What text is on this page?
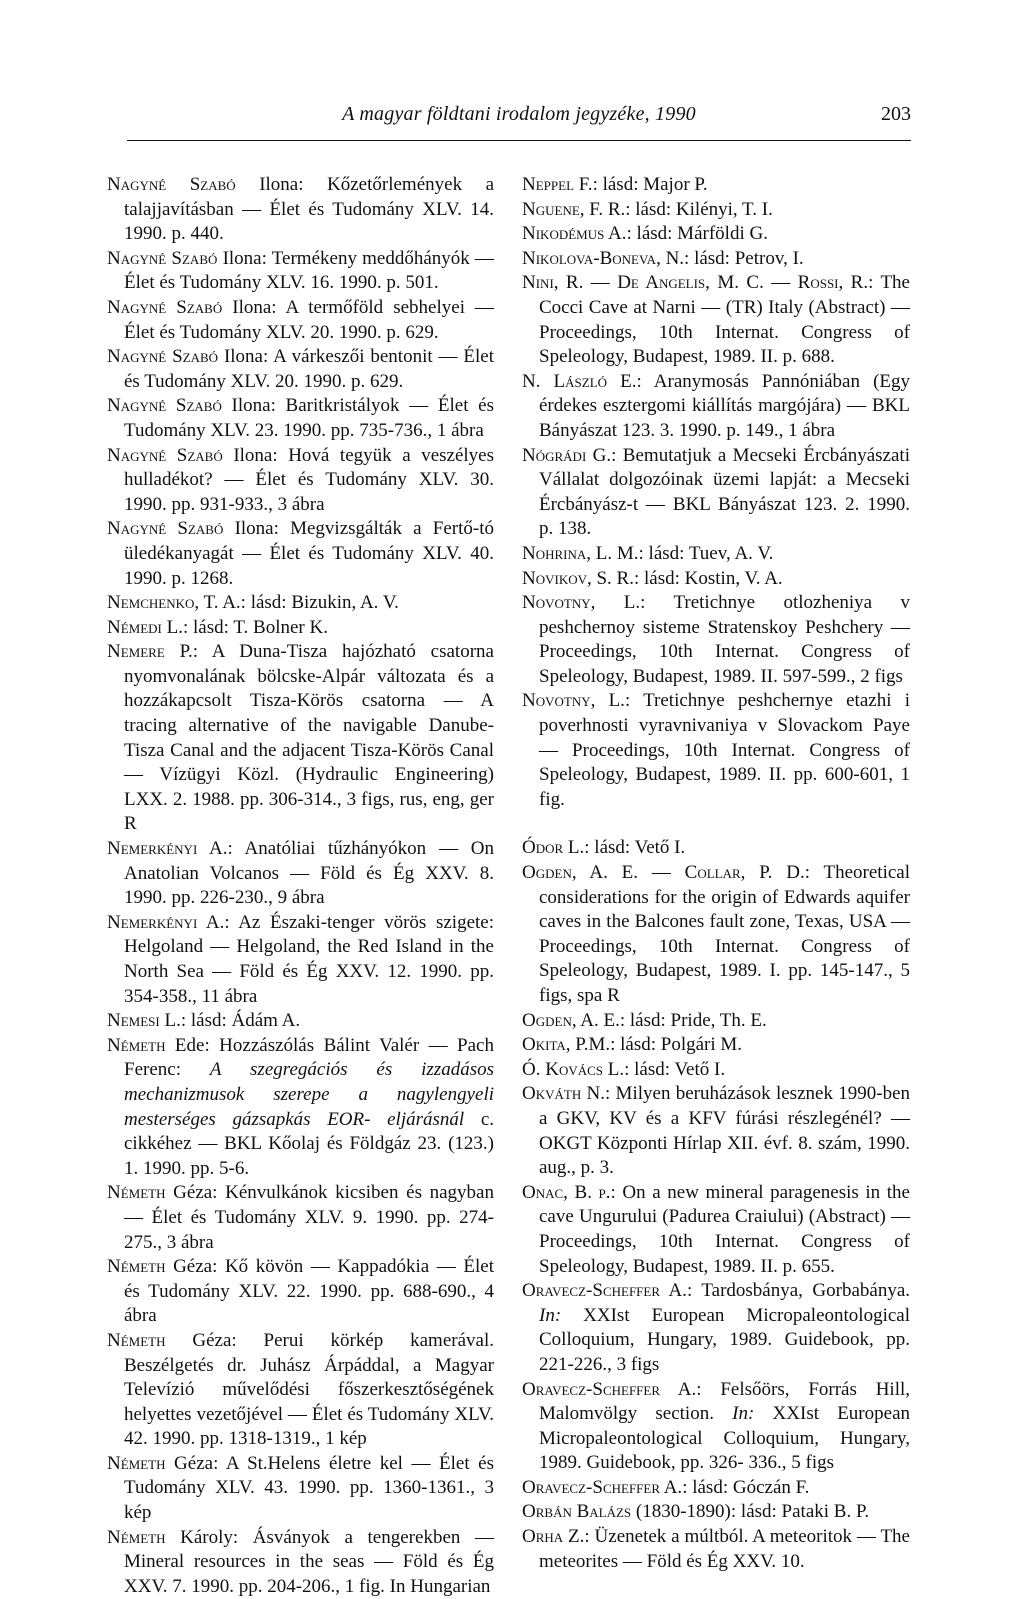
A magyar földtani irodalom jegyzéke, 1990	203

Nagyné Szabó Ilona: Kőzetőrlemények a talajjavításban — Élet és Tudomány XLV. 14. 1990. p. 440.

Nagyné Szabó Ilona: Termékeny meddőhányók — Élet és Tudomány XLV. 16. 1990. p. 501.

Nagyné Szabó Ilona: A termőföld sebhelyei — Élet és Tudomány XLV. 20. 1990. p. 629.

Nagyné Szabó Ilona: A várkeszői bentonit — Élet és Tudomány XLV. 20. 1990. p. 629.

Nagyné Szabó Ilona: Baritkristályok — Élet és Tudomány XLV. 23. 1990. pp. 735-736., 1 ábra

Nagyné Szabó Ilona: Hová tegyük a veszélyes hulladékot? — Élet és Tudomány XLV. 30. 1990. pp. 931-933., 3 ábra

Nagyné Szabó Ilona: Megvizsgálták a Fertő-tó üledékanyagát — Élet és Tudomány XLV. 40. 1990. p. 1268.

Nemchenko, T. A.: lásd: Bizukin, A. V.

Némedi L.: lásd: T. Bolner K.

Nemere P.: A Duna-Tisza hajózható csatorna nyomvonalának bölcske-Alpár változata és a hozzákapcsolt Tisza-Körös csatorna — A tracing alternative of the navigable Danube-Tisza Canal and the adjacent Tisza-Körös Canal — Vízügyi Közl. (Hydraulic Engineering) LXX. 2. 1988. pp. 306-314., 3 figs, rus, eng, ger R

Nemerkényi A.: Anatóliai tűzhányókon — On Anatolian Volcanos — Föld és Ég XXV. 8. 1990. pp. 226-230., 9 ábra

Nemerkényi A.: Az Északi-tenger vörös szigete: Helgoland — Helgoland, the Red Island in the North Sea — Föld és Ég XXV. 12. 1990. pp. 354-358., 11 ábra

Nemesi L.: lásd: Ádám A.

Németh Ede: Hozzászólás Bálint Valér — Pach Ferenc: A szegregációs és izzadásos mechanizmusok szerepe a nagylengyeli mesterséges gázsapkás EOR- eljárásnál c. cikkéhez — BKL Kőolaj és Földgáz 23. (123.) 1. 1990. pp. 5-6.

Németh Géza: Kénvulkánok kicsiben és nagyban — Élet és Tudomány XLV. 9. 1990. pp. 274-275., 3 ábra

Németh Géza: Kő kövön — Kappadókia — Élet és Tudomány XLV. 22. 1990. pp. 688-690., 4 ábra

Németh Géza: Perui körkép kamerával. Beszélgetés dr. Juhász Árpáddal, a Magyar Televízió művelődési főszerkesztőségének helyettes vezetőjével — Élet és Tudomány XLV. 42. 1990. pp. 1318-1319., 1 kép

Németh Géza: A St.Helens életre kel — Élet és Tudomány XLV. 43. 1990. pp. 1360-1361., 3 kép

Németh Károly: Ásványok a tengerekben — Mineral resources in the seas — Föld és Ég XXV. 7. 1990. pp. 204-206., 1 fig. In Hungarian

Neppel F.: lásd: Major P.

Nguene, F. R.: lásd: Kilényi, T. I.

Nikodémus A.: lásd: Márföldi G.

Nikolova-Boneva, N.: lásd: Petrov, I.

Nini, R. — De Angelis, M. C. — Rossi, R.: The Cocci Cave at Narni — (TR) Italy (Abstract) — Proceedings, 10th Internat. Congress of Speleology, Budapest, 1989. II. p. 688.

N. László E.: Aranymosás Pannóniában (Egy érdekes esztergomi kiállítás margójára) — BKL Bányászat 123. 3. 1990. p. 149., 1 ábra

Nógrádi G.: Bemutatjuk a Mecseki Ércbányászati Vállalat dolgozóinak üzemi lapját: a Mecseki Ércbányász-t — BKL Bányászat 123. 2. 1990. p. 138.

Nohrina, L. M.: lásd: Tuev, A. V.

Novikov, S. R.: lásd: Kostin, V. A.

Novotny, L.: Tretichnye otlozheniya v peshchernoy sisteme Stratenskoy Peshchery — Proceedings, 10th Internat. Congress of Speleology, Budapest, 1989. II. 597-599., 2 figs

Novotny, L.: Tretichnye peshchernye etazhi i poverhnosti vyravnivaniya v Slovackom Paye — Proceedings, 10th Internat. Congress of Speleology, Budapest, 1989. II. pp. 600-601, 1 fig.

Ódor L.: lásd: Vető I.

Ogden, A. E. — Collar, P. D.: Theoretical considerations for the origin of Edwards aquifer caves in the Balcones fault zone, Texas, USA — Proceedings, 10th Internat. Congress of Speleology, Budapest, 1989. I. pp. 145-147., 5 figs, spa R

Ogden, A. E.: lásd: Pride, Th. E.

Okita, P.M.: lásd: Polgári M.

Ó. Kovács L.: lásd: Vető I.

Okváth N.: Milyen beruházások lesznek 1990-ben a GKV, KV és a KFV fúrási részlegénél? — OKGT Központi Hírlap XII. évf. 8. szám, 1990. aug., p. 3.

Onac, B. p.: On a new mineral paragenesis in the cave Ungurului (Padurea Craiului) (Abstract) — Proceedings, 10th Internat. Congress of Speleology, Budapest, 1989. II. p. 655.

Oravecz-Scheffer A.: Tardosbánya, Gorbabánya. In: XXIst European Micropaleontological Colloquium, Hungary, 1989. Guidebook, pp. 221-226., 3 figs

Oravecz-Scheffer A.: Felsőörs, Forrás Hill, Malomvölgy section. In: XXIst European Micropaleontological Colloquium, Hungary, 1989. Guidebook, pp. 326- 336., 5 figs

Oravecz-Scheffer A.: lásd: Góczán F.

Orbán Balázs (1830-1890): lásd: Pataki B. P.

Orha Z.: Üzenetek a múltból. A meteoritok — The meteorites — Föld és Ég XXV. 10.
